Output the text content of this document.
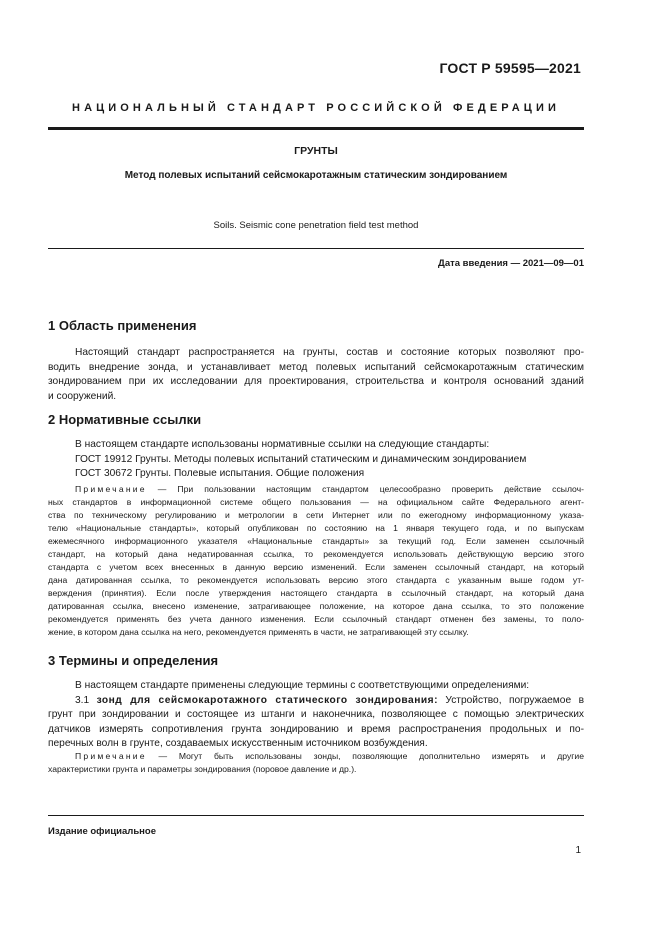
ГОСТ Р 59595—2021
НАЦИОНАЛЬНЫЙ СТАНДАРТ РОССИЙСКОЙ ФЕДЕРАЦИИ
ГРУНТЫ
Метод полевых испытаний сейсмокаротажным статическим зондированием
Soils. Seismic cone penetration field test method
Дата введения — 2021—09—01
1 Область применения
Настоящий стандарт распространяется на грунты, состав и состояние которых позволяют про-
водить внедрение зонда, и устанавливает метод полевых испытаний сейсмокаротажным статическим
зондированием при их исследовании для проектирования, строительства и контроля оснований зданий
и сооружений.
2 Нормативные ссылки
В настоящем стандарте использованы нормативные ссылки на следующие стандарты:
ГОСТ 19912 Грунты. Методы полевых испытаний статическим и динамическим зондированием
ГОСТ 30672 Грунты. Полевые испытания. Общие положения
Примечание — При пользовании настоящим стандартом целесообразно проверить действие ссылоч-
ных стандартов в информационной системе общего пользования — на официальном сайте Федерального агент-
ства по техническому регулированию и метрологии в сети Интернет или по ежегодному информационному указа-
телю «Национальные стандарты», который опубликован по состоянию на 1 января текущего года, и по выпускам
ежемесячного информационного указателя «Национальные стандарты» за текущий год. Если заменен ссылочный
стандарт, на который дана недатированная ссылка, то рекомендуется использовать действующую версию этого
стандарта с учетом всех внесенных в данную версию изменений. Если заменен ссылочный стандарт, на который
дана датированная ссылка, то рекомендуется использовать версию этого стандарта с указанным выше годом ут-
верждения (принятия). Если после утверждения настоящего стандарта в ссылочный стандарт, на который дана
датированная ссылка, внесено изменение, затрагивающее положение, на которое дана ссылка, то это положение
рекомендуется применять без учета данного изменения. Если ссылочный стандарт отменен без замены, то поло-
жение, в котором дана ссылка на него, рекомендуется применять в части, не затрагивающей эту ссылку.
3 Термины и определения
В настоящем стандарте применены следующие термины с соответствующими определениями:
3.1 зонд для сейсмокаротажного статического зондирования: Устройство, погружаемое в
грунт при зондировании и состоящее из штанги и наконечника, позволяющее с помощью электрических
датчиков измерять сопротивления грунта зондированию и время распространения продольных и по-
перечных волн в грунте, создаваемых искусственным источником возбуждения.
Примечание — Могут быть использованы зонды, позволяющие дополнительно измерять и другие
характеристики грунта и параметры зондирования (поровое давление и др.).
Издание официальное
1
